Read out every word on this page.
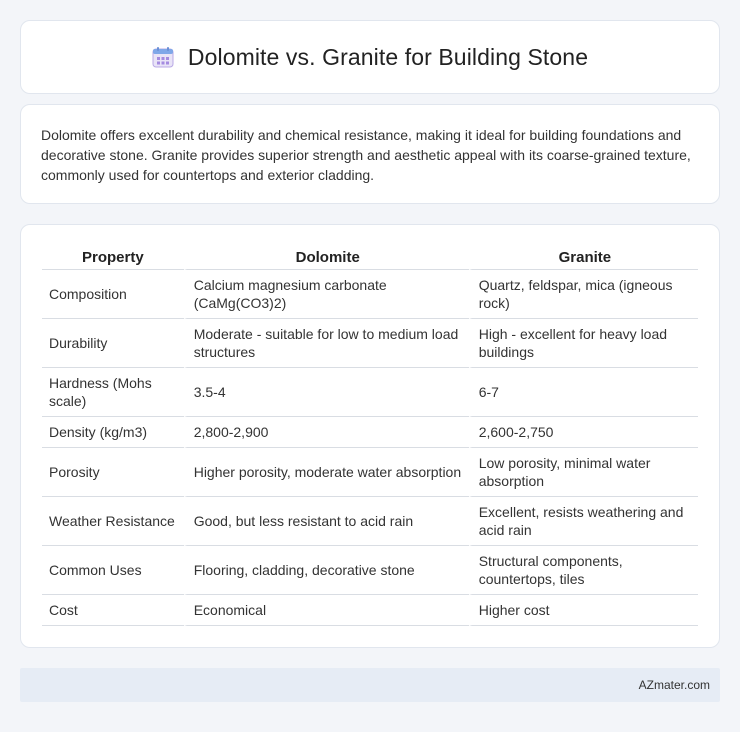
Dolomite vs. Granite for Building Stone

Dolomite offers excellent durability and chemical resistance, making it ideal for building foundations and decorative stone. Granite provides superior strength and aesthetic appeal with its coarse-grained texture, commonly used for countertops and exterior cladding.

Property	Dolomite	Granite
Composition	Calcium magnesium carbonate (CaMg(CO3)2)	Quartz, feldspar, mica (igneous rock)
Durability	Moderate - suitable for low to medium load structures	High - excellent for heavy load buildings
Hardness (Mohs scale)	3.5-4	6-7
Density (kg/m3)	2,800-2,900	2,600-2,750
Porosity	Higher porosity, moderate water absorption	Low porosity, minimal water absorption
Weather Resistance	Good, but less resistant to acid rain	Excellent, resists weathering and acid rain
Common Uses	Flooring, cladding, decorative stone	Structural components, countertops, tiles
Cost	Economical	Higher cost
AZmater.com
